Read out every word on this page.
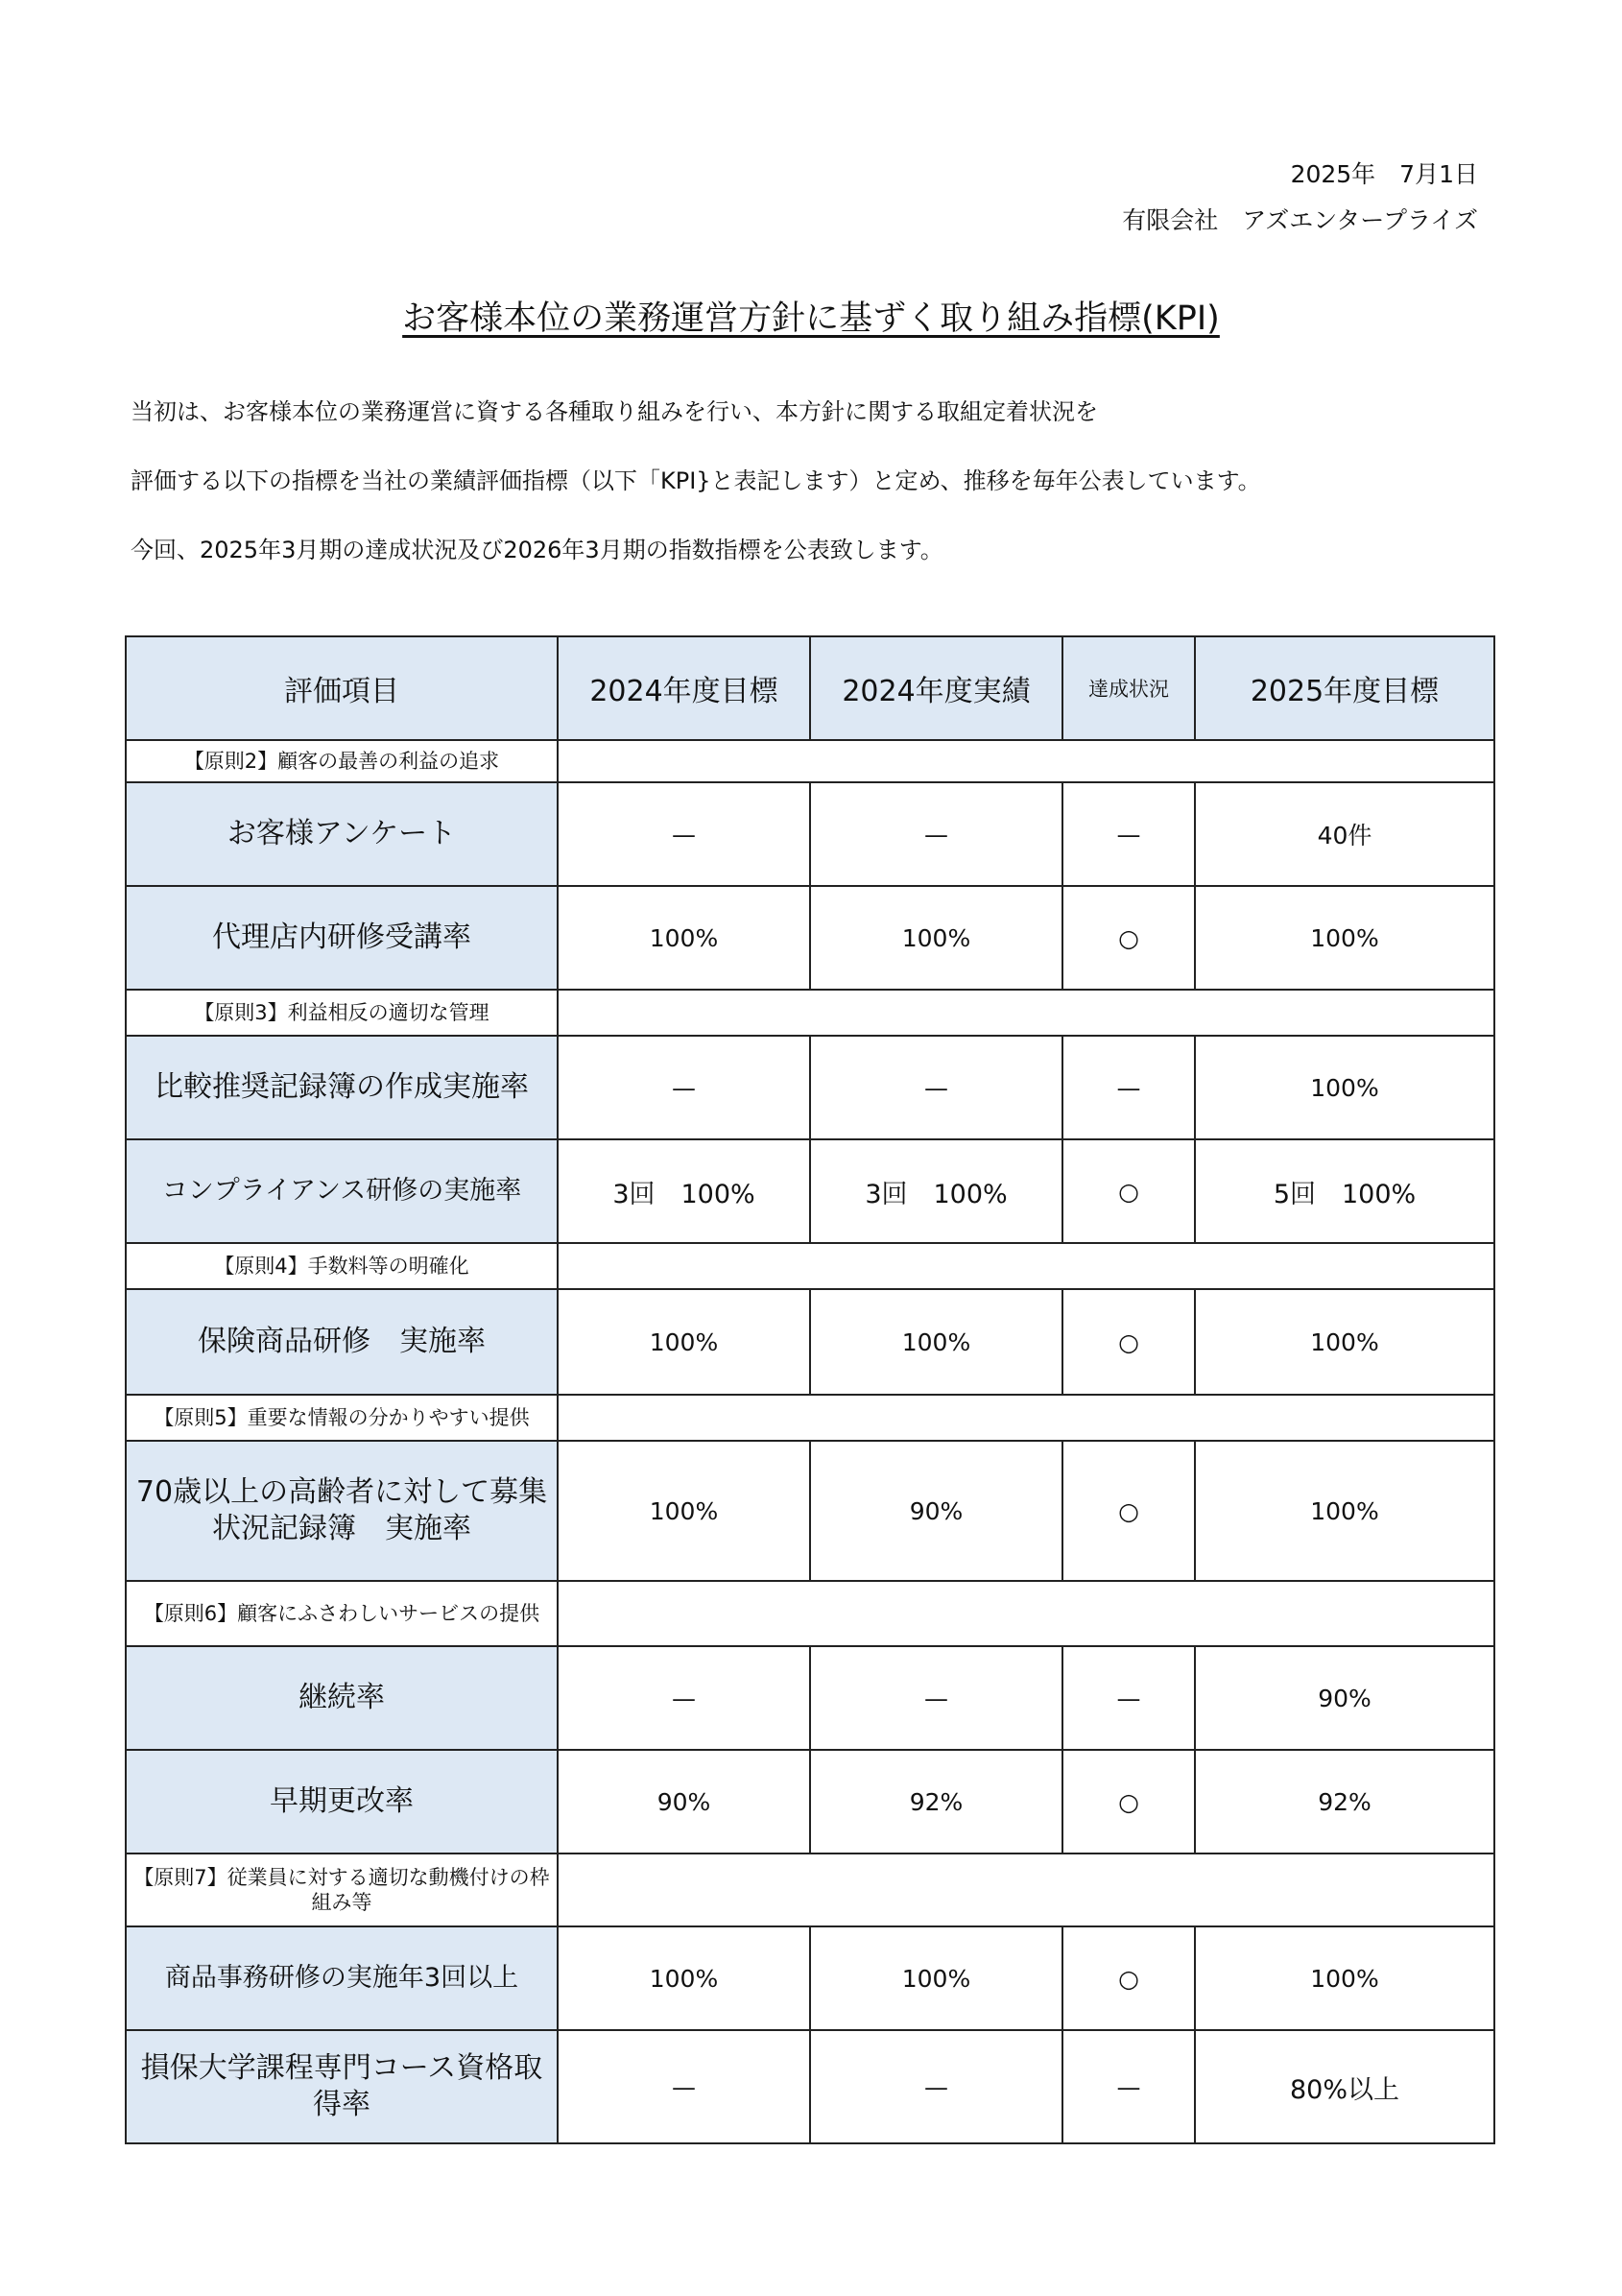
2025年　7月1日
有限会社　アズエンタープライズ
お客様本位の業務運営方針に基ずく取り組み指標(KPI)

当初は、お客様本位の業務運営に資する各種取り組みを行い、本方針に関する取組定着状況を

評価する以下の指標を当社の業績評価指標（以下「KPI}と表記します）と定め、推移を毎年公表しています。

今回、2025年3月期の達成状況及び2026年3月期の指数指標を公表致します。

評価項目	2024年度目標	2024年度実績	達成状況	2025年度目標
【原則2】顧客の最善の利益の追求				
お客様アンケート	—	—	—	40件
代理店内研修受講率	100%	100%	○	100%
【原則3】利益相反の適切な管理				
比較推奨記録簿の作成実施率	—	—	—	100%
コンプライアンス研修の実施率	3回　100%	3回　100%	○	5回　100%
【原則4】手数料等の明確化				
保険商品研修　実施率	100%	100%	○	100%
【原則5】重要な情報の分かりやすい提供				
70歳以上の高齢者に対して募集状況記録簿　実施率	100%	90%	○	100%
【原則6】顧客にふさわしいサービスの提供				
継続率	—	—	—	90%
早期更改率	90%	92%	○	92%
【原則7】従業員に対する適切な動機付けの枠組み等				
商品事務研修の実施年3回以上	100%	100%	○	100%
損保大学課程専門コース資格取得率	—	—	—	80%以上
